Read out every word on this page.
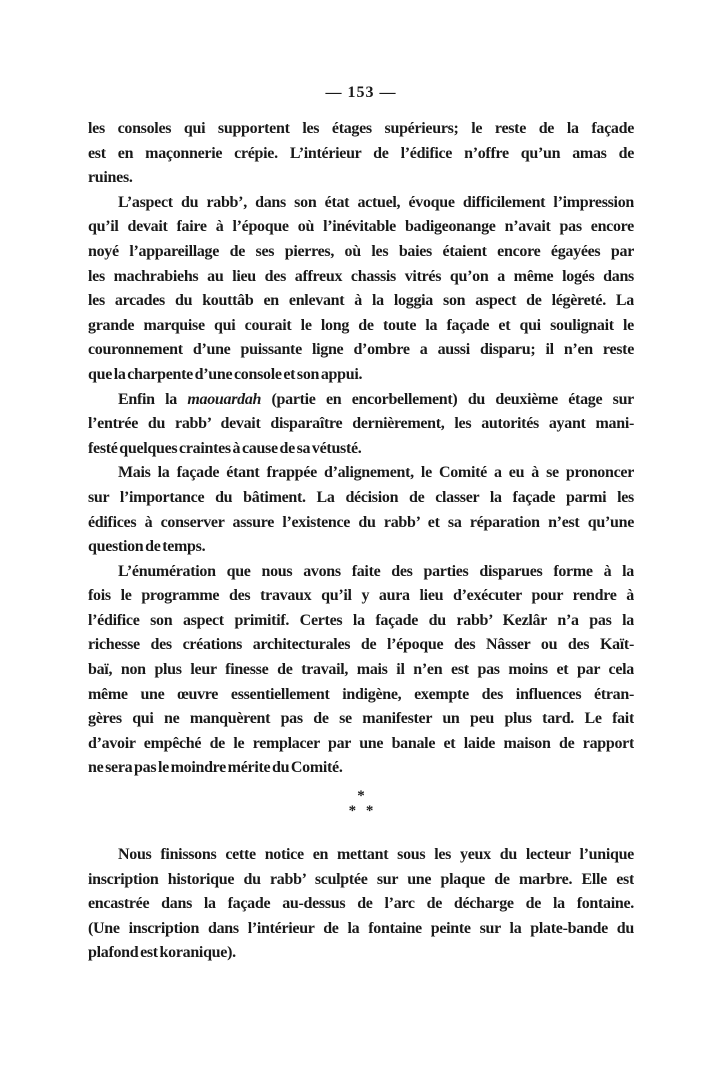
— 153 —
les consoles qui supportent les étages supérieurs; le reste de la façade
est en maçonnerie crépie. L’intérieur de l’édifice n’offre qu’un amas de
ruines.
L’aspect du rabb’, dans son état actuel, évoque difficilement l’impression
qu’il devait faire à l’époque où l’inévitable badigeonange n’avait pas encore
noyé l’appareillage de ses pierres, où les baies étaient encore égayées par
les machrabiehs au lieu des affreux chassis vitrés qu’on a même logés dans
les arcades du kouttâb en enlevant à la loggia son aspect de légèreté. La
grande marquise qui courait le long de toute la façade et qui soulignait le
couronnement d’une puissante ligne d’ombre a aussi disparu; il n’en reste
que la charpente d’une console et son appui.
Enfin la maouardah (partie en encorbellement) du deuxième étage sur
l’entrée du rabb’ devait disparaître dernièrement, les autorités ayant mani-
festé quelques craintes à cause de sa vétusté.
Mais la façade étant frappée d’alignement, le Comité a eu à se prononcer
sur l’importance du bâtiment. La décision de classer la façade parmi les
édifices à conserver assure l’existence du rabb’ et sa réparation n’est qu’une
question de temps.
L’énumération que nous avons faite des parties disparues forme à la
fois le programme des travaux qu’il y aura lieu d’exécuter pour rendre à
l’édifice son aspect primitif. Certes la façade du rabb’ Kezlâr n’a pas la
richesse des créations architecturales de l’époque des Nâsser ou des Kaït-
baï, non plus leur finesse de travail, mais il n’en est pas moins et par cela
même une œuvre essentiellement indigène, exempte des influences étran-
gères qui ne manquèrent pas de se manifester un peu plus tard. Le fait
d’avoir empêché de le remplacer par une banale et laide maison de rapport
ne sera pas le moindre mérite du Comité.
*
* *
Nous finissons cette notice en mettant sous les yeux du lecteur l’unique
inscription historique du rabb’ sculptée sur une plaque de marbre. Elle est
encastrée dans la façade au-dessus de l’arc de décharge de la fontaine.
(Une inscription dans l’intérieur de la fontaine peinte sur la plate-bande du
plafond est koranique).
